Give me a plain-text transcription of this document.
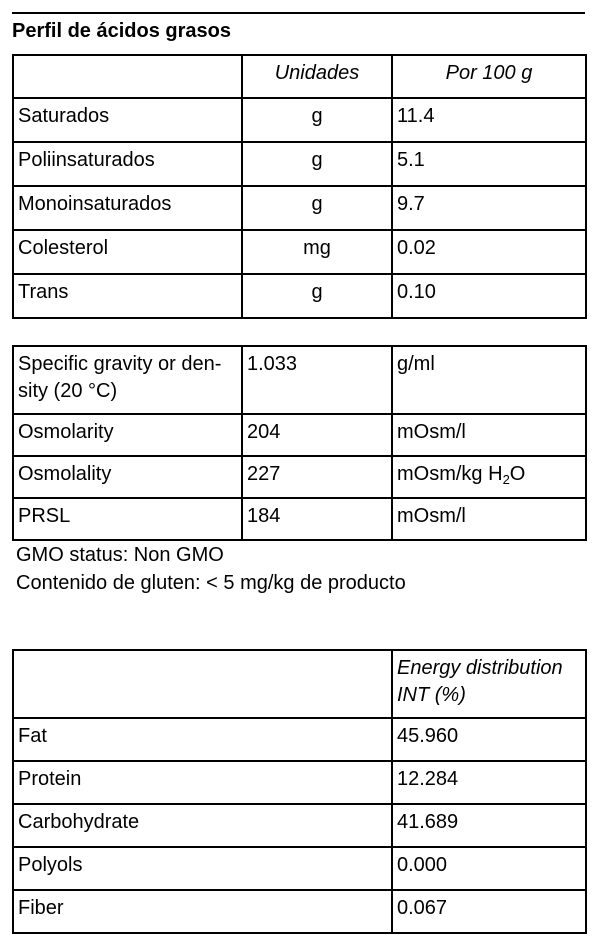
Perfil de ácidos grasos
	Unidades	Por 100 g
Saturados	g	11.4
Poliinsaturados	g	5.1
Monoinsaturados	g	9.7
Colesterol	mg	0.02
Trans	g	0.10
Specific gravity or den-
sity (20 °C)	1.033	g/ml
Osmolarity	204	mOsm/l
Osmolality	227	mOsm/kg $H_2O$
PRSL	184	mOsm/l
GMO status: Non GMO
Contenido de gluten: < 5 mg/kg de producto
	Energy distribution
INT (%)
Fat	45.960
Protein	12.284
Carbohydrate	41.689
Polyols	0.000
Fiber	0.067
